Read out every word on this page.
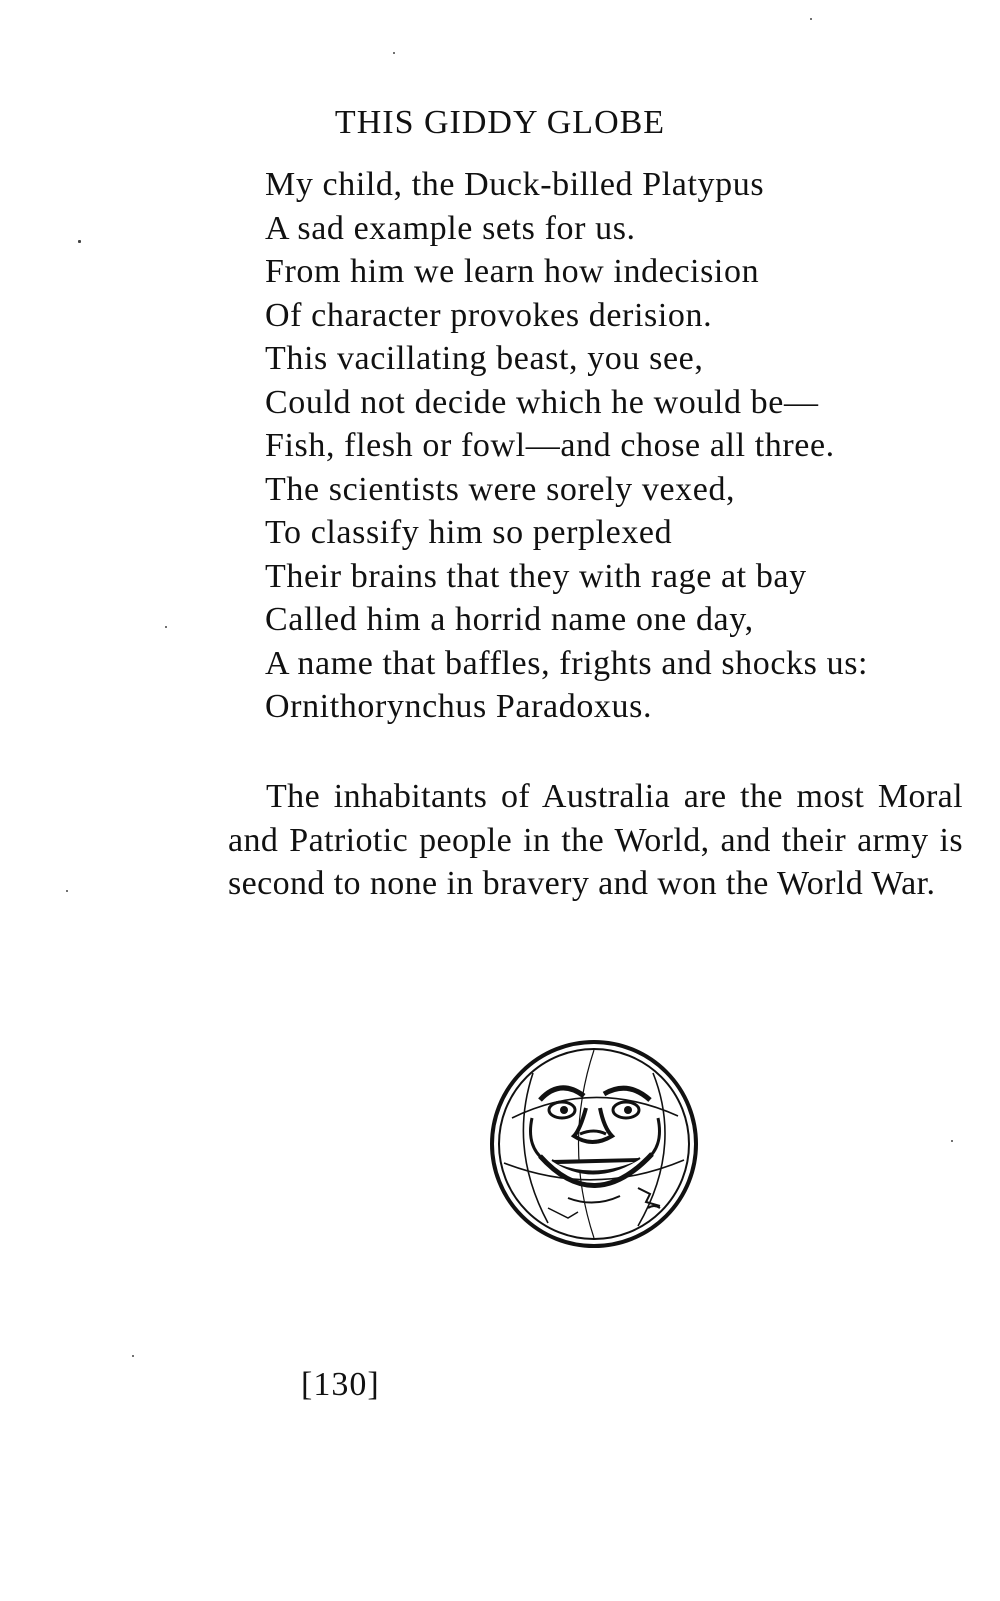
THIS GIDDY GLOBE
My child, the Duck-billed Platypus
A sad example sets for us.
From him we learn how indecision
Of character provokes derision.
This vacillating beast, you see,
Could not decide which he would be—
Fish, flesh or fowl—and chose all three.
The scientists were sorely vexed,
To classify him so perplexed
Their brains that they with rage at bay
Called him a horrid name one day,
A name that baffles, frights and shocks us:
Ornithorynchus Paradoxus.

The inhabitants of Australia are the most Moral and Patriotic people in the World, and their army is second to none in bravery and won the World War.

[130]
